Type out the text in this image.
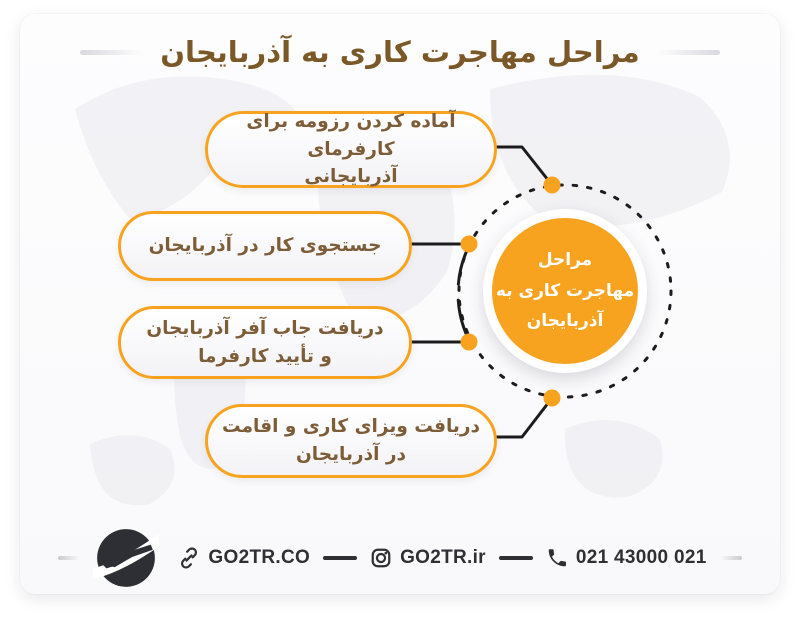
مراحل مهاجرت کاری به آذربایجان
آماده کردن رزومه برای کارفرمای
آذربایجانی
جستجوی کار در آذربایجان
دریافت جاب آفر آذربایجان
و تأیید کارفرما
دریافت ویزای کاری و اقامت
در آذربایجان
مراحل
مهاجرت کاری به
آذربایجان
GO2TR.CO	GO2TR.ir	021 43000 021
